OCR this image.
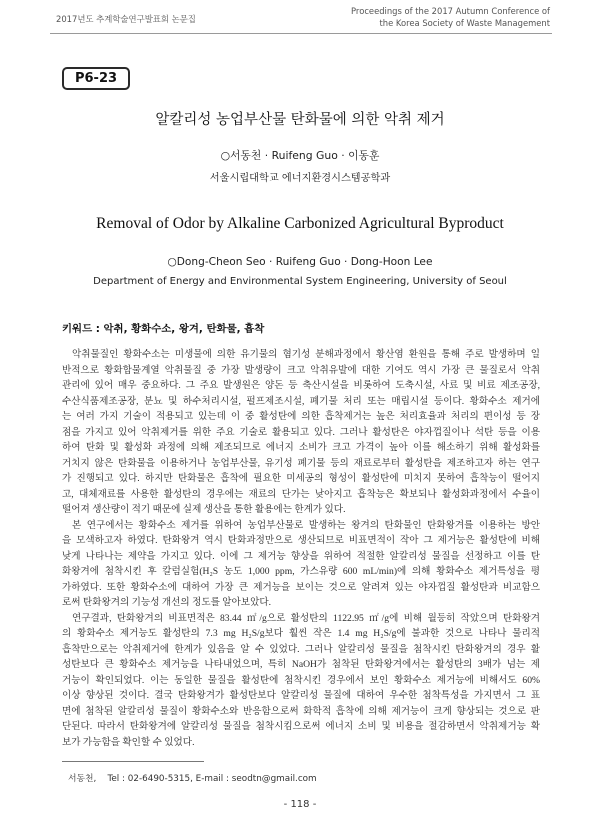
2017년도 추계학술연구발표회 논문집
Proceedings of the 2017 Autumn Conference of
the Korea Society of Waste Management
P6-23
알칼리성 농업부산물 탄화물에 의한 악취 제거
○서동천 · Ruifeng Guo · 이동훈
서울시립대학교 에너지환경시스템공학과
Removal of Odor by Alkaline Carbonized Agricultural Byproduct
○Dong-Cheon Seo · Ruifeng Guo · Dong-Hoon Lee
Department of Energy and Environmental System Engineering, University of Seoul
키워드 : 악취, 황화수소, 왕겨, 탄화물, 흡착
악취물질인 황화수소는 미생물에 의한 유기물의 혐기성 분해과정에서 황산염 환원을 통해 주로 발생하며 일
반적으로 황화합물계열 악취물질 중 가장 발생량이 크고 악취유발에 대한 기여도 역시 가장 큰 물질로서 악취
관리에 있어 매우 중요하다. 그 주요 발생원은 양돈 등 축산시설을 비롯하여 도축시설, 사료 및 비료 제조공장,
수산식품제조공장, 분뇨 및 하수처리시설, 펄프제조시설, 폐기물 처리 또는 매립시설 등이다. 황화수소 제거에
는 여러 가지 기술이 적용되고 있는데 이 중 활성탄에 의한 흡착제거는 높은 처리효율과 처리의 편이성 등 장
점을 가지고 있어 악취제거를 위한 주요 기술로 활용되고 있다. 그러나 활성탄은 야자껍질이나 석탄 등을 이용
하여 탄화 및 활성화 과정에 의해 제조되므로 에너지 소비가 크고 가격이 높아 이를 해소하기 위해 활성화를
거치지 않은 탄화물을 이용하거나 농업부산물, 유기성 폐기물 등의 재료로부터 활성탄을 제조하고자 하는 연구
가 진행되고 있다. 하지만 탄화물은 흡착에 필요한 미세공의 형성이 활성탄에 미치지 못하여 흡착능이 떨어지
고, 대체재료를 사용한 활성탄의 경우에는 재료의 단가는 낮아지고 흡착능은 확보되나 활성화과정에서 수율이
떨어져 생산량이 적기 때문에 실제 생산을 통한 활용에는 한계가 있다.
본 연구에서는 황화수소 제거를 위하여 농업부산물로 발생하는 왕겨의 탄화물인 탄화왕겨를 이용하는 방안
을 모색하고자 하였다. 탄화왕겨 역시 탄화과정만으로 생산되므로 비표면적이 작아 그 제거능은 활성탄에 비해
낮게 나타나는 제약을 가지고 있다. 이에 그 제거능 향상을 위하여 적절한 알칼리성 물질을 선정하고 이를 탄
화왕겨에 첨착시킨 후 칼럼실험(H₂S 농도 1,000 ppm, 가스유량 600 mL/min)에 의해 황화수소 제거특성을 평
가하였다. 또한 황화수소에 대하여 가장 큰 제거능을 보이는 것으로 알려져 있는 야자껍질 활성탄과 비교함으
로써 탄화왕겨의 기능성 개선의 정도를 알아보았다.
연구결과, 탄화왕겨의 비표면적은 83.44 ㎡/g으로 활성탄의 1122.95 ㎡/g에 비해 월등히 작았으며 탄화왕겨
의 황화수소 제거능도 활성탄의 7.3 mg H₂S/g보다 훨씬 작은 1.4 mg H₂S/g에 불과한 것으로 나타나 물리적
흡착만으로는 악취제거에 한계가 있음을 알 수 있었다. 그러나 알칼리성 물질을 첨착시킨 탄화왕겨의 경우 활
성탄보다 큰 황화수소 제거능을 나타내었으며, 특히 NaOH가 첨착된 탄화왕겨에서는 활성탄의 3배가 넘는 제
거능이 확인되었다. 이는 동일한 물질을 활성탄에 첨착시킨 경우에서 보인 황화수소 제거능에 비해서도 60%
이상 향상된 것이다. 결국 탄화왕겨가 활성탄보다 알칼리성 물질에 대하여 우수한 첨착특성을 가지면서 그 표
면에 첨착된 알칼리성 물질이 황화수소와 반응함으로써 화학적 흡착에 의해 제거능이 크게 향상되는 것으로 판
단된다. 따라서 탄화왕겨에 알칼리성 물질을 첨착시킴으로써 에너지 소비 및 비용을 절감하면서 악취제거능 확
보가 가능함을 확인할 수 있었다.
서동천,    Tel : 02-6490-5315, E-mail : seodtn@gmail.com
- 118 -
